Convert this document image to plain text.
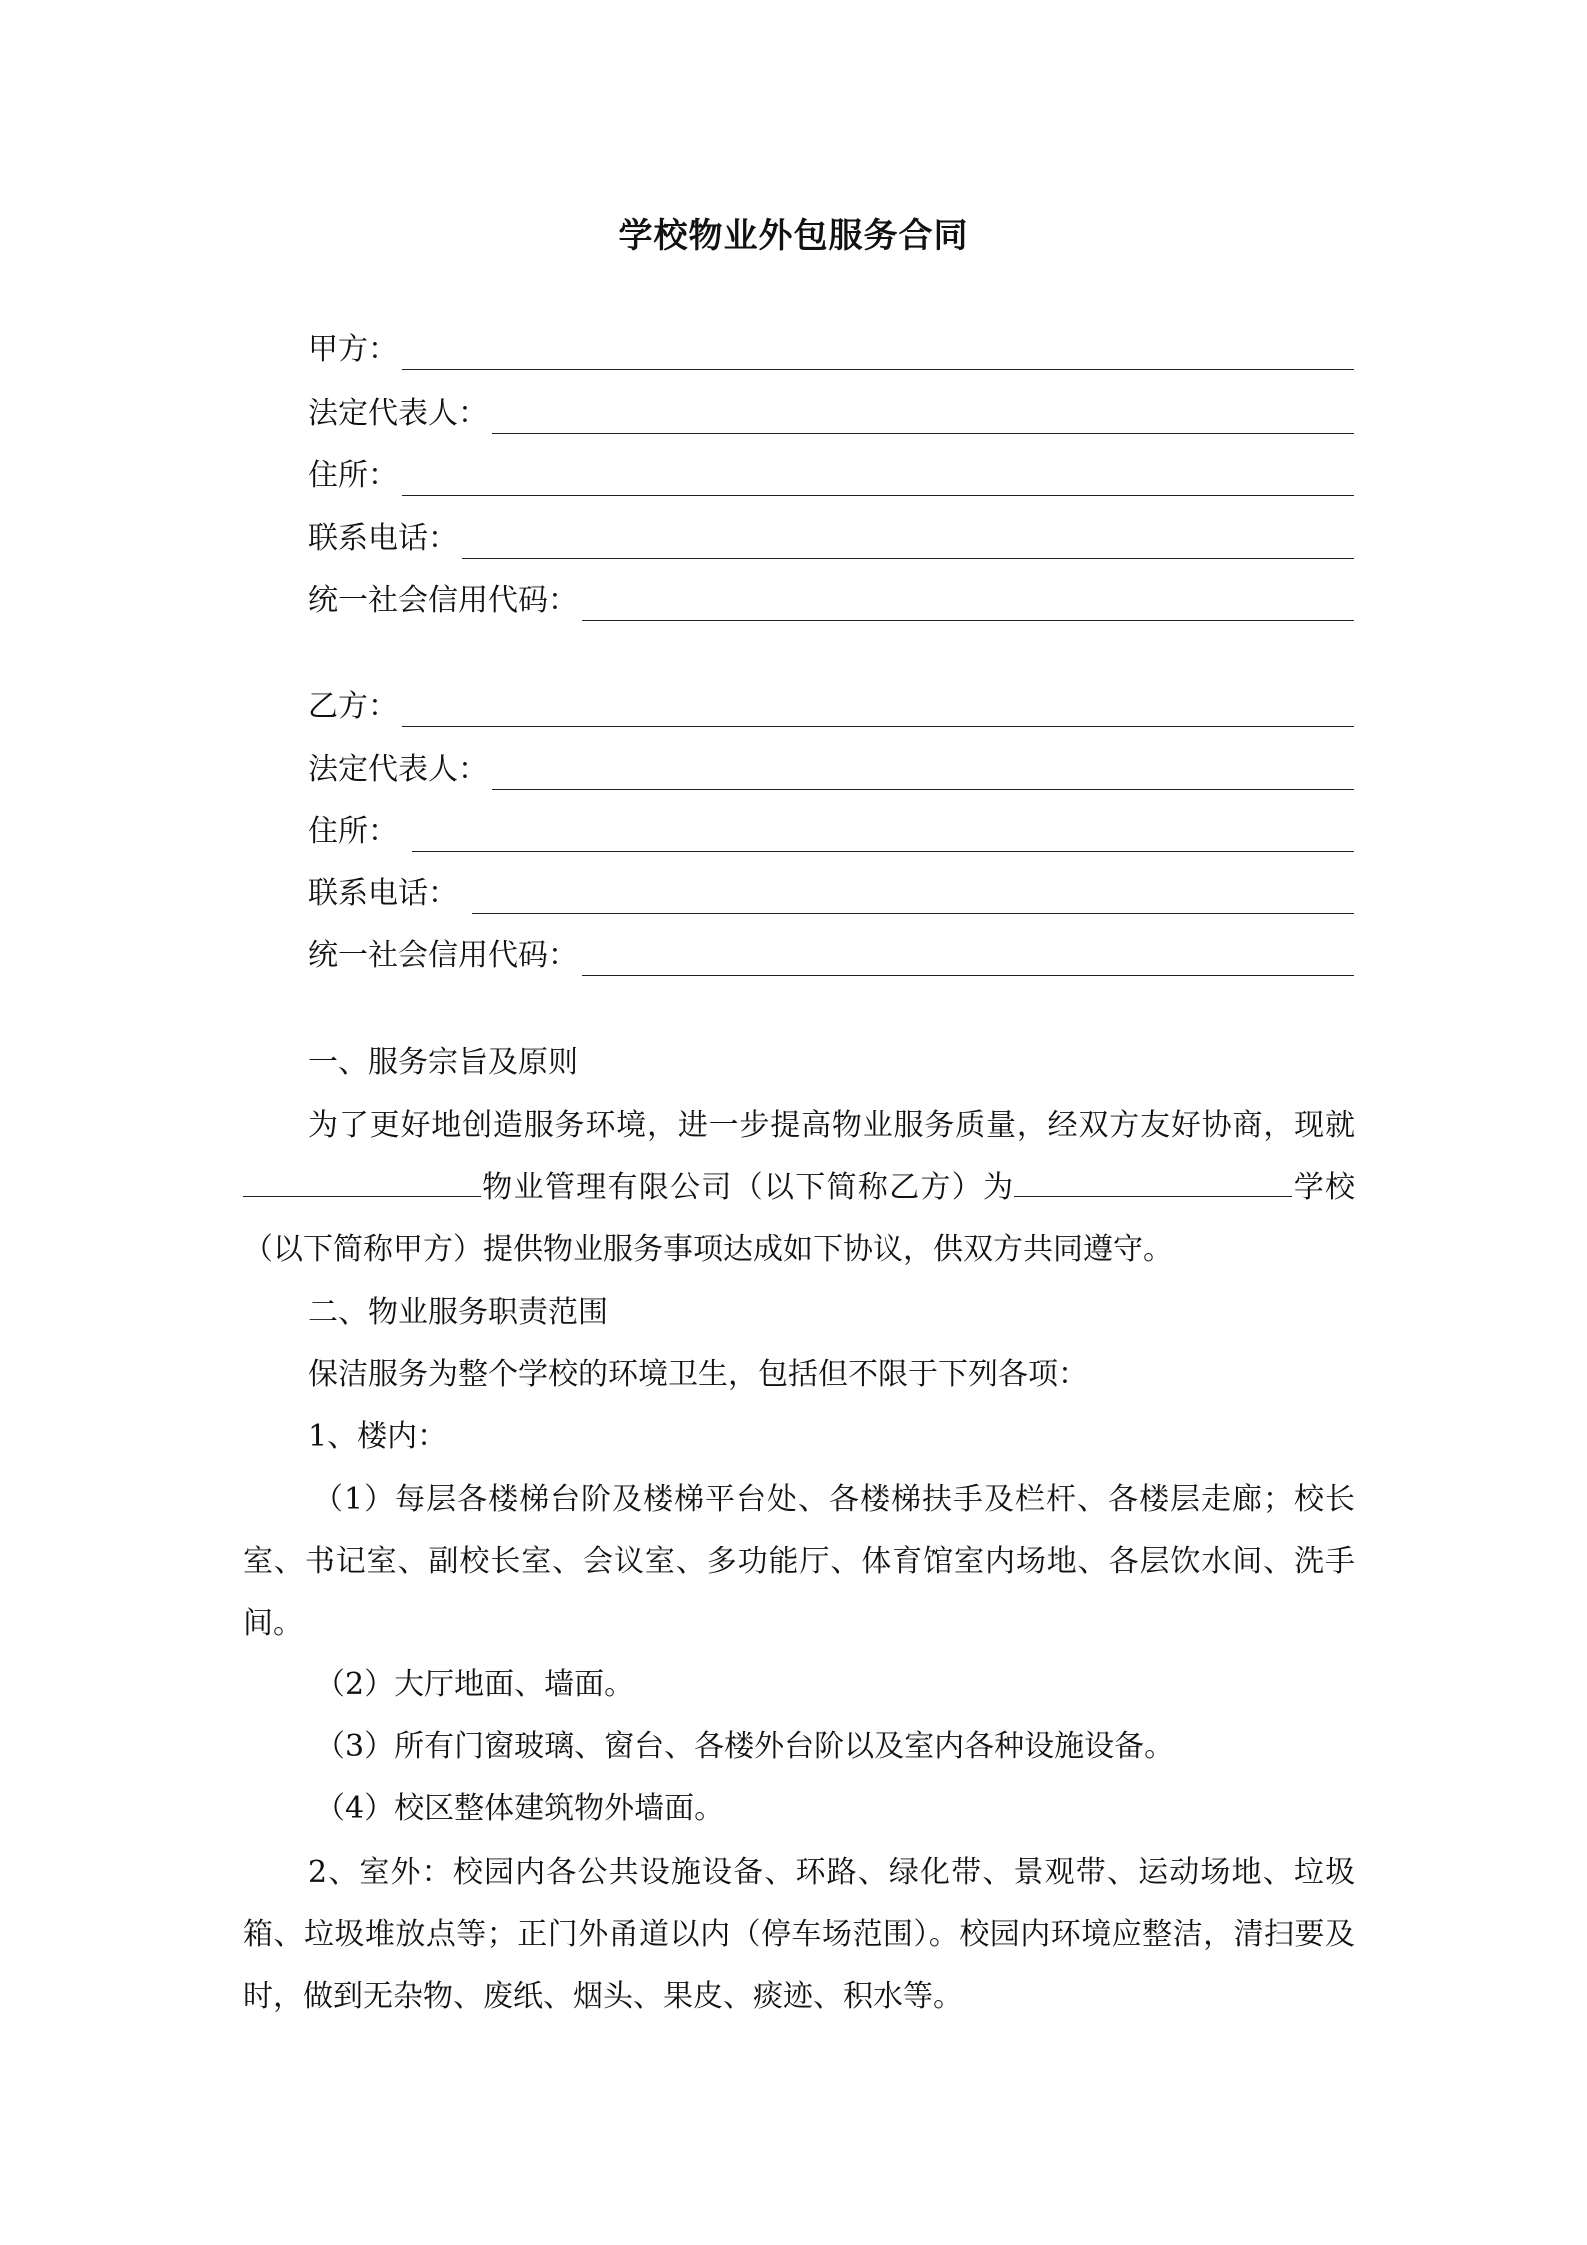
学校物业外包服务合同
甲方：
法定代表人：
住所：
联系电话：
统一社会信用代码：
乙方：
法定代表人：
住所：
联系电话：
统一社会信用代码：
一、服务宗旨及原则
为了更好地创造服务环境，进一步提高物业服务质量，经双方友好协商，现就物业管理有限公司（以下简称乙方）为	学校（以下简称甲方）提供物业服务事项达成如下协议，供双方共同遵守。
二、物业服务职责范围
保洁服务为整个学校的环境卫生，包括但不限于下列各项：
1、楼内：
（1）每层各楼梯台阶及楼梯平台处、各楼梯扶手及栏杆、各楼层走廊；校长室、书记室、副校长室、会议室、多功能厅、体育馆室内场地、各层饮水间、洗手间。
（2）大厅地面、墙面。
（3）所有门窗玻璃、窗台、各楼外台阶以及室内各种设施设备。
（4）校区整体建筑物外墙面。
2、室外：校园内各公共设施设备、环路、绿化带、景观带、运动场地、垃圾箱、垃圾堆放点等；正门外甬道以内（停车场范围）。校园内环境应整洁，清扫要及时，做到无杂物、废纸、烟头、果皮、痰迹、积水等。
